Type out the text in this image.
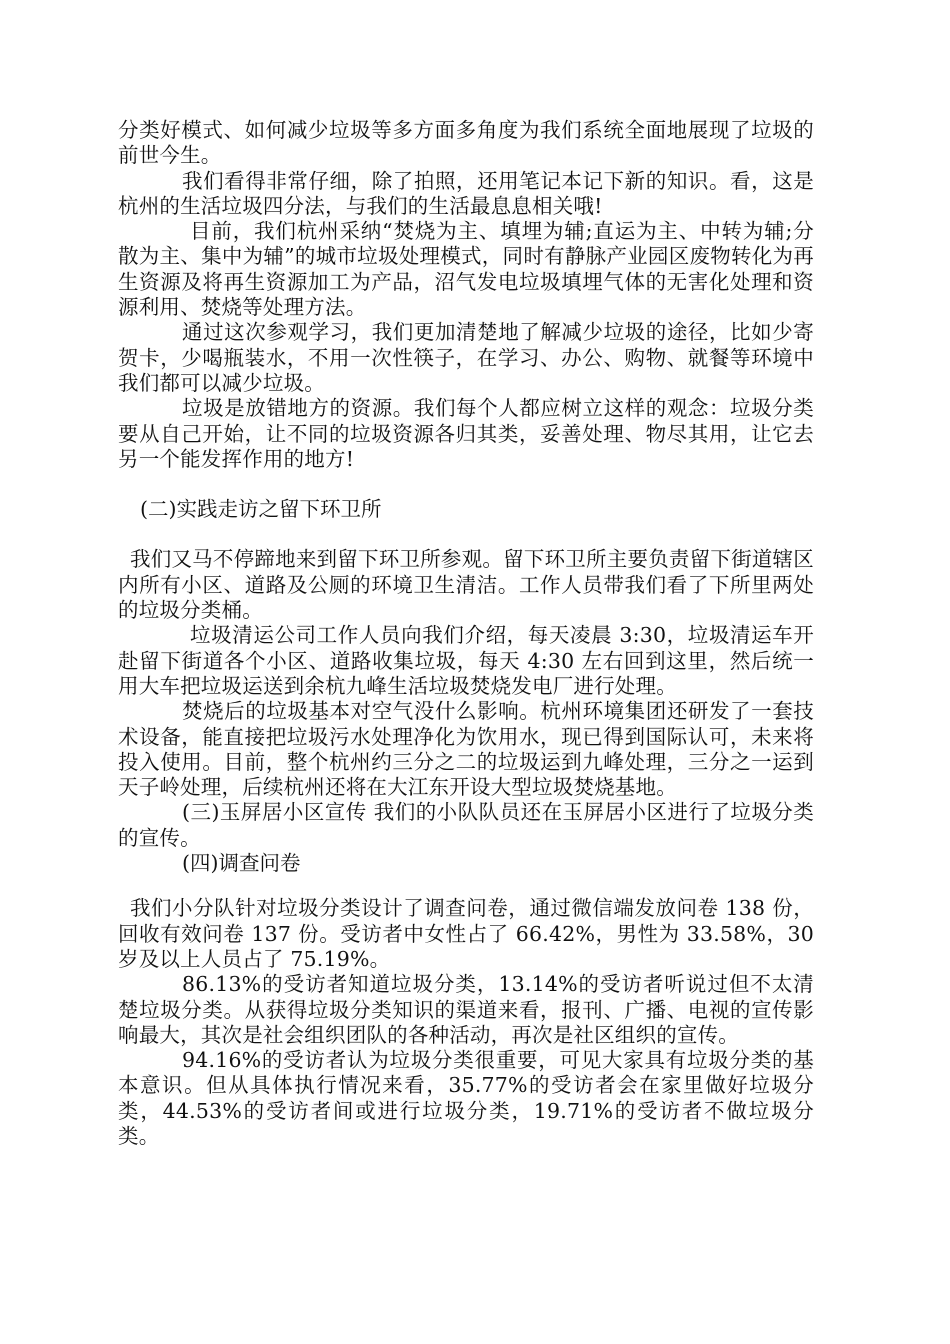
分类好模式、如何减少垃圾等多方面多角度为我们系统全面地展现了垃圾的前世今生。

我们看得非常仔细，除了拍照，还用笔记本记下新的知识。看，这是杭州的生活垃圾四分法，与我们的生活最息息相关哦!

目前，我们杭州采纳“焚烧为主、填埋为辅;直运为主、中转为辅;分散为主、集中为辅”的城市垃圾处理模式，同时有静脉产业园区废物转化为再生资源及将再生资源加工为产品，沼气发电垃圾填埋气体的无害化处理和资源利用、焚烧等处理方法。

通过这次参观学习，我们更加清楚地了解减少垃圾的途径，比如少寄贺卡，少喝瓶装水，不用一次性筷子，在学习、办公、购物、就餐等环境中我们都可以减少垃圾。

垃圾是放错地方的资源。我们每个人都应树立这样的观念：垃圾分类要从自己开始，让不同的垃圾资源各归其类，妥善处理、物尽其用，让它去另一个能发挥作用的地方!

(二)实践走访之留下环卫所

我们又马不停蹄地来到留下环卫所参观。留下环卫所主要负责留下街道辖区内所有小区、道路及公厕的环境卫生清洁。工作人员带我们看了下所里两处的垃圾分类桶。

垃圾清运公司工作人员向我们介绍，每天凌晨 3:30，垃圾清运车开赴留下街道各个小区、道路收集垃圾，每天 4:30 左右回到这里，然后统一用大车把垃圾运送到余杭九峰生活垃圾焚烧发电厂进行处理。

焚烧后的垃圾基本对空气没什么影响。杭州环境集团还研发了一套技术设备，能直接把垃圾污水处理净化为饮用水，现已得到国际认可，未来将投入使用。目前，整个杭州约三分之二的垃圾运到九峰处理，三分之一运到天子岭处理，后续杭州还将在大江东开设大型垃圾焚烧基地。

(三)玉屏居小区宣传 我们的小队队员还在玉屏居小区进行了垃圾分类的宣传。

(四)调查问卷

我们小分队针对垃圾分类设计了调查问卷，通过微信端发放问卷 138 份，回收有效问卷 137 份。受访者中女性占了 66.42%，男性为 33.58%，30 岁及以上人员占了 75.19%。

86.13%的受访者知道垃圾分类，13.14%的受访者听说过但不太清楚垃圾分类。从获得垃圾分类知识的渠道来看，报刊、广播、电视的宣传影响最大，其次是社会组织团队的各种活动，再次是社区组织的宣传。

94.16%的受访者认为垃圾分类很重要，可见大家具有垃圾分类的基本意识。但从具体执行情况来看，35.77%的受访者会在家里做好垃圾分类，44.53%的受访者间或进行垃圾分类，19.71%的受访者不做垃圾分类。
